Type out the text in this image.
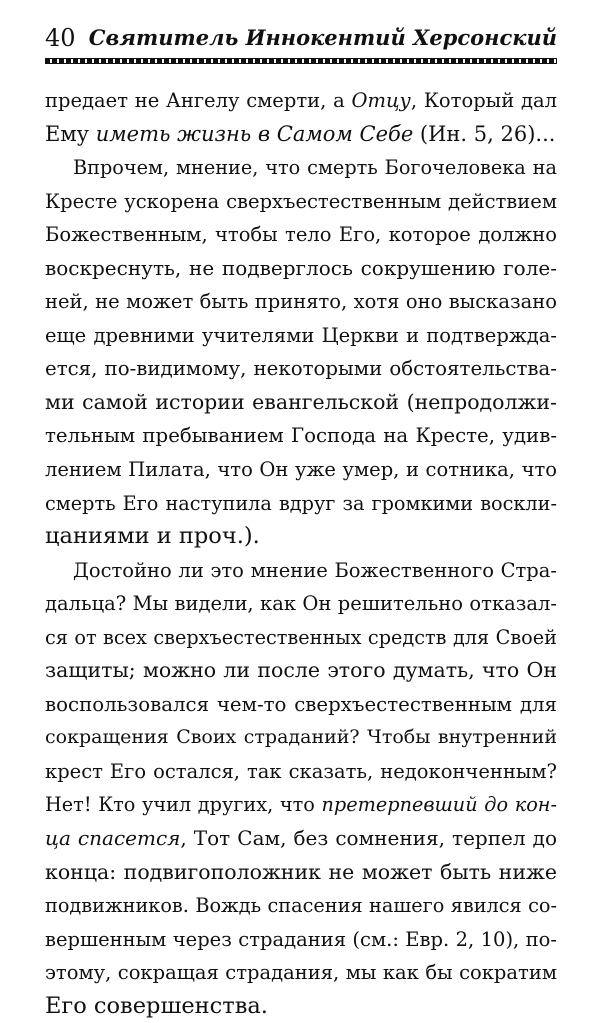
40 Святитель Иннокентий Херсонский
предает не Ангелу смерти, а Отцу, Который дал
Ему иметь жизнь в Самом Себе (Ин. 5, 26)...
Впрочем, мнение, что смерть Богочеловека на
Кресте ускорена сверхъестественным действием
Божественным, чтобы тело Его, которое должно
воскреснуть, не подверглось сокрушению голе-
ней, не может быть принято, хотя оно высказано
еще древними учителями Церкви и подтвержда-
ется, по-видимому, некоторыми обстоятельства-
ми самой истории евангельской (непродолжи-
тельным пребыванием Господа на Кресте, удив-
лением Пилата, что Он уже умер, и сотника, что
смерть Его наступила вдруг за громкими воскли-
цаниями и проч.).
Достойно ли это мнение Божественного Стра-
дальца? Мы видели, как Он решительно отказал-
ся от всех сверхъестественных средств для Своей
защиты; можно ли после этого думать, что Он
воспользовался чем-то сверхъестественным для
сокращения Своих страданий? Чтобы внутренний
крест Его остался, так сказать, недоконченным?
Нет! Кто учил других, что претерпевший до кон-
ца спасется, Тот Сам, без сомнения, терпел до
конца: подвигоположник не может быть ниже
подвижников. Вождь спасения нашего явился со-
вершенным через страдания (см.: Евр. 2, 10), по-
этому, сокращая страдания, мы как бы сократим
Его совершенства.
